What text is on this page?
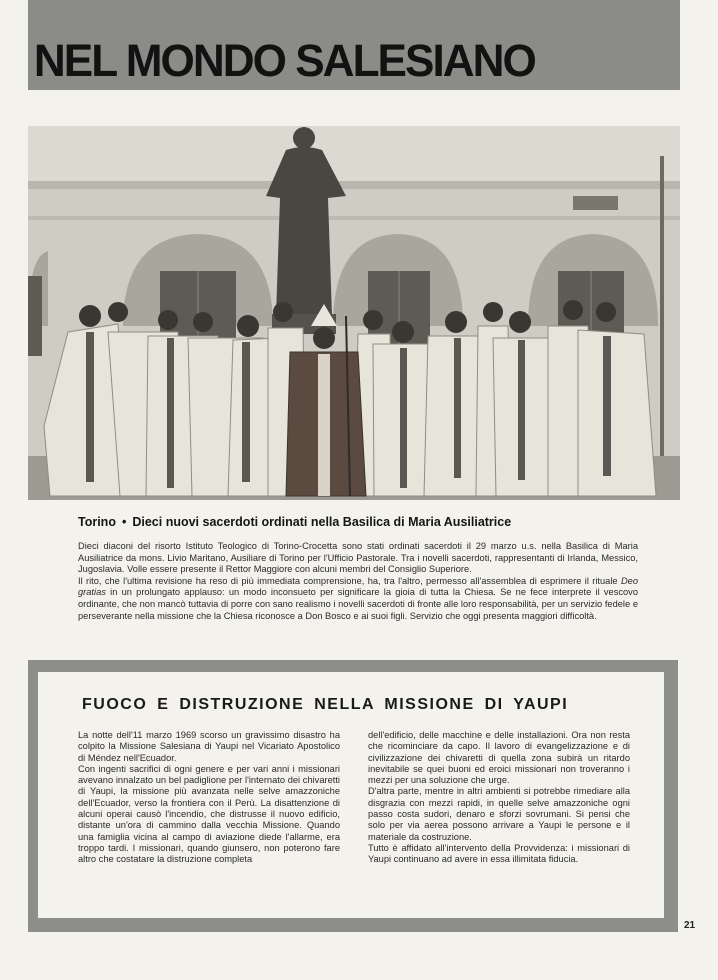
NEL MONDO SALESIANO
Torino • Dieci nuovi sacerdoti ordinati nella Basilica di Maria Ausiliatrice

Dieci diaconi del risorto Istituto Teologico di Torino-Crocetta sono stati ordinati sacerdoti il 29 marzo u.s. nella Basilica di Maria Ausiliatrice da mons. Livio Maritano, Ausiliare di Torino per l'Ufficio Pastorale. Tra i novelli sacerdoti, rappresentanti di Irlanda, Messico, Jugoslavia. Volle essere presente il Rettor Maggiore con alcuni membri del Consiglio Superiore.

Il rito, che l'ultima revisione ha reso di più immediata comprensione, ha, tra l'altro, permesso all'assemblea di esprimere il rituale Deo gratias in un prolungato applauso: un modo inconsueto per significare la gioia di tutta la Chiesa. Se ne fece interprete il vescovo ordinante, che non mancò tuttavia di porre con sano realismo i novelli sacerdoti di fronte alle loro responsabilità, per un servizio fedele e perseverante nella missione che la Chiesa riconosce a Don Bosco e ai suoi figli. Servizio che oggi presenta maggiori difficoltà.

FUOCO E DISTRUZIONE NELLA MISSIONE DI YAUPI

La notte dell'11 marzo 1969 scorso un gravissimo disastro ha colpito la Missione Salesiana di Yaupi nel Vicariato Apostolico di Méndez nell'Ecuador.

Con ingenti sacrifici di ogni genere e per vari anni i missionari avevano innalzato un bel padiglione per l'internato dei chivaretti di Yaupi, la missione più avanzata nelle selve amazzoniche dell'Ecuador, verso la frontiera con il Perù. La disattenzione di alcuni operai causò l'incendio, che distrusse il nuovo edificio, distante un'ora di cammino dalla vecchia Missione. Quando una famiglia vicina al campo di aviazione diede l'allarme, era troppo tardi. I missionari, quando giunsero, non poterono fare altro che costatare la distruzione completa

dell'edificio, delle macchine e delle installazioni. Ora non resta che ricominciare da capo. Il lavoro di evangelizzazione e di civilizzazione dei chivaretti di quella zona subirà un ritardo inevitabile se quei buoni ed eroici missionari non troveranno i mezzi per una soluzione che urge.

D'altra parte, mentre in altri ambienti si potrebbe rimediare alla disgrazia con mezzi rapidi, in quelle selve amazzoniche ogni passo costa sudori, denaro e sforzi sovrumani. Si pensi che solo per via aerea possono arrivare a Yaupi le persone e il materiale da costruzione.

Tutto è affidato all'intervento della Provvidenza: i missionari di Yaupi continuano ad avere in essa illimitata fiducia.

21
